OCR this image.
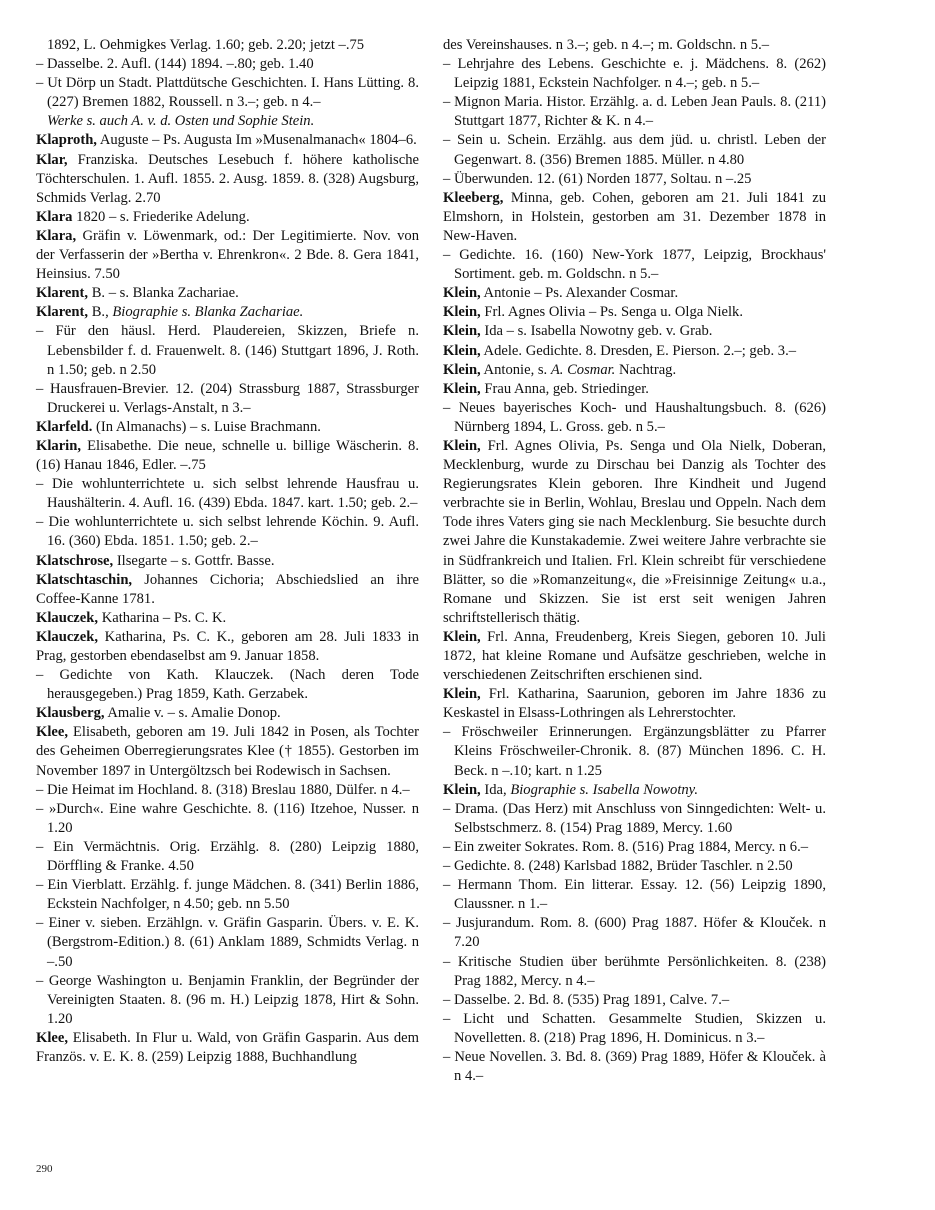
1892, L. Oehmigkes Verlag. 1.60; geb. 2.20; jetzt –.75

– Dasselbe. 2. Aufl. (144) 1894. –.80; geb. 1.40

– Ut Dörp un Stadt. Plattdütsche Geschichten. I. Hans Lütting. 8. (227) Bremen 1882, Roussell. n 3.–; geb. n 4.–

Werke s. auch A. v. d. Osten und Sophie Stein.

Klaproth, Auguste – Ps. Augusta Im »Musenalmanach« 1804–6.

Klar, Franziska. Deutsches Lesebuch f. höhere katholische Töchterschulen. 1. Aufl. 1855. 2. Ausg. 1859. 8. (328) Augsburg, Schmids Verlag. 2.70

Klara 1820 – s. Friederike Adelung.

Klara, Gräfin v. Löwenmark, od.: Der Legitimierte. Nov. von der Verfasserin der »Bertha v. Ehrenkron«. 2 Bde. 8. Gera 1841, Heinsius. 7.50

Klarent, B. – s. Blanka Zachariae.

Klarent, B., Biographie s. Blanka Zachariae.

– Für den häusl. Herd. Plaudereien, Skizzen, Briefe n. Lebensbilder f. d. Frauenwelt. 8. (146) Stuttgart 1896, J. Roth. n 1.50; geb. n 2.50

– Hausfrauen-Brevier. 12. (204) Strassburg 1887, Strassburger Druckerei u. Verlags-Anstalt, n 3.–

Klarfeld. (In Almanachs) – s. Luise Brachmann.

Klarin, Elisabethe. Die neue, schnelle u. billige Wäscherin. 8. (16) Hanau 1846, Edler. –.75

– Die wohlunterrichtete u. sich selbst lehrende Hausfrau u. Haushälterin. 4. Aufl. 16. (439) Ebda. 1847. kart. 1.50; geb. 2.–

– Die wohlunterrichtete u. sich selbst lehrende Köchin. 9. Aufl. 16. (360) Ebda. 1851. 1.50; geb. 2.–

Klatschrose, Ilsegarte – s. Gottfr. Basse.

Klatschtaschin, Johannes Cichoria; Abschiedslied an ihre Coffee-Kanne 1781.

Klauczek, Katharina – Ps. C. K.

Klauczek, Katharina, Ps. C. K., geboren am 28. Juli 1833 in Prag, gestorben ebendaselbst am 9. Januar 1858.

– Gedichte von Kath. Klauczek. (Nach deren Tode herausgegeben.) Prag 1859, Kath. Gerzabek.

Klausberg, Amalie v. – s. Amalie Donop.

Klee, Elisabeth, geboren am 19. Juli 1842 in Posen, als Tochter des Geheimen Oberregierungsrates Klee († 1855). Gestorben im November 1897 in Untergöltzsch bei Rodewisch in Sachsen.

– Die Heimat im Hochland. 8. (318) Breslau 1880, Dülfer. n 4.–

– »Durch«. Eine wahre Geschichte. 8. (116) Itzehoe, Nusser. n 1.20

– Ein Vermächtnis. Orig. Erzählg. 8. (280) Leipzig 1880, Dörffling & Franke. 4.50

– Ein Vierblatt. Erzählg. f. junge Mädchen. 8. (341) Berlin 1886, Eckstein Nachfolger, n 4.50; geb. nn 5.50

– Einer v. sieben. Erzählgn. v. Gräfin Gasparin. Übers. v. E. K. (Bergstrom-Edition.) 8. (61) Anklam 1889, Schmidts Verlag. n –.50

– George Washington u. Benjamin Franklin, der Begründer der Vereinigten Staaten. 8. (96 m. H.) Leipzig 1878, Hirt & Sohn. 1.20

Klee, Elisabeth. In Flur u. Wald, von Gräfin Gasparin. Aus dem Französ. v. E. K. 8. (259) Leipzig 1888, Buchhandlung

des Vereinshauses. n 3.–; geb. n 4.–; m. Goldschn. n 5.–

– Lehrjahre des Lebens. Geschichte e. j. Mädchens. 8. (262) Leipzig 1881, Eckstein Nachfolger. n 4.–; geb. n 5.–

– Mignon Maria. Histor. Erzählg. a. d. Leben Jean Pauls. 8. (211) Stuttgart 1877, Richter & K. n 4.–

– Sein u. Schein. Erzählg. aus dem jüd. u. christl. Leben der Gegenwart. 8. (356) Bremen 1885. Müller. n 4.80

– Überwunden. 12. (61) Norden 1877, Soltau. n –.25

Kleeberg, Minna, geb. Cohen, geboren am 21. Juli 1841 zu Elmshorn, in Holstein, gestorben am 31. Dezember 1878 in New-Haven.

– Gedichte. 16. (160) New-York 1877, Leipzig, Brockhaus' Sortiment. geb. m. Goldschn. n 5.–

Klein, Antonie – Ps. Alexander Cosmar.

Klein, Frl. Agnes Olivia – Ps. Senga u. Olga Nielk.

Klein, Ida – s. Isabella Nowotny geb. v. Grab.

Klein, Adele. Gedichte. 8. Dresden, E. Pierson. 2.–; geb. 3.–

Klein, Antonie, s. A. Cosmar. Nachtrag.

Klein, Frau Anna, geb. Striedinger.

– Neues bayerisches Koch- und Haushaltungsbuch. 8. (626) Nürnberg 1894, L. Gross. geb. n 5.–

Klein, Frl. Agnes Olivia, Ps. Senga und Ola Nielk, Doberan, Mecklenburg, wurde zu Dirschau bei Danzig als Tochter des Regierungsrates Klein geboren. Ihre Kindheit und Jugend verbrachte sie in Berlin, Wohlau, Breslau und Oppeln. Nach dem Tode ihres Vaters ging sie nach Mecklenburg. Sie besuchte durch zwei Jahre die Kunstakademie. Zwei weitere Jahre verbrachte sie in Südfrankreich und Italien. Frl. Klein schreibt für verschiedene Blätter, so die »Romanzeitung«, die »Freisinnige Zeitung« u.a., Romane und Skizzen. Sie ist erst seit wenigen Jahren schriftstellerisch thätig.

Klein, Frl. Anna, Freudenberg, Kreis Siegen, geboren 10. Juli 1872, hat kleine Romane und Aufsätze geschrieben, welche in verschiedenen Zeitschriften erschienen sind.

Klein, Frl. Katharina, Saarunion, geboren im Jahre 1836 zu Keskastel in Elsass-Lothringen als Lehrerstochter.

– Fröschweiler Erinnerungen. Ergänzungsblätter zu Pfarrer Kleins Fröschweiler-Chronik. 8. (87) München 1896. C. H. Beck. n –.10; kart. n 1.25

Klein, Ida, Biographie s. Isabella Nowotny.

– Drama. (Das Herz) mit Anschluss von Sinngedichten: Welt- u. Selbstschmerz. 8. (154) Prag 1889, Mercy. 1.60

– Ein zweiter Sokrates. Rom. 8. (516) Prag 1884, Mercy. n 6.–

– Gedichte. 8. (248) Karlsbad 1882, Brüder Taschler. n 2.50

– Hermann Thom. Ein litterar. Essay. 12. (56) Leipzig 1890, Claussner. n 1.–

– Jusjurandum. Rom. 8. (600) Prag 1887. Höfer & Klouček. n 7.20

– Kritische Studien über berühmte Persönlichkeiten. 8. (238) Prag 1882, Mercy. n 4.–

– Dasselbe. 2. Bd. 8. (535) Prag 1891, Calve. 7.–

– Licht und Schatten. Gesammelte Studien, Skizzen u. Novelletten. 8. (218) Prag 1896, H. Dominicus. n 3.–

– Neue Novellen. 3. Bd. 8. (369) Prag 1889, Höfer & Klouček. à n 4.–

290
